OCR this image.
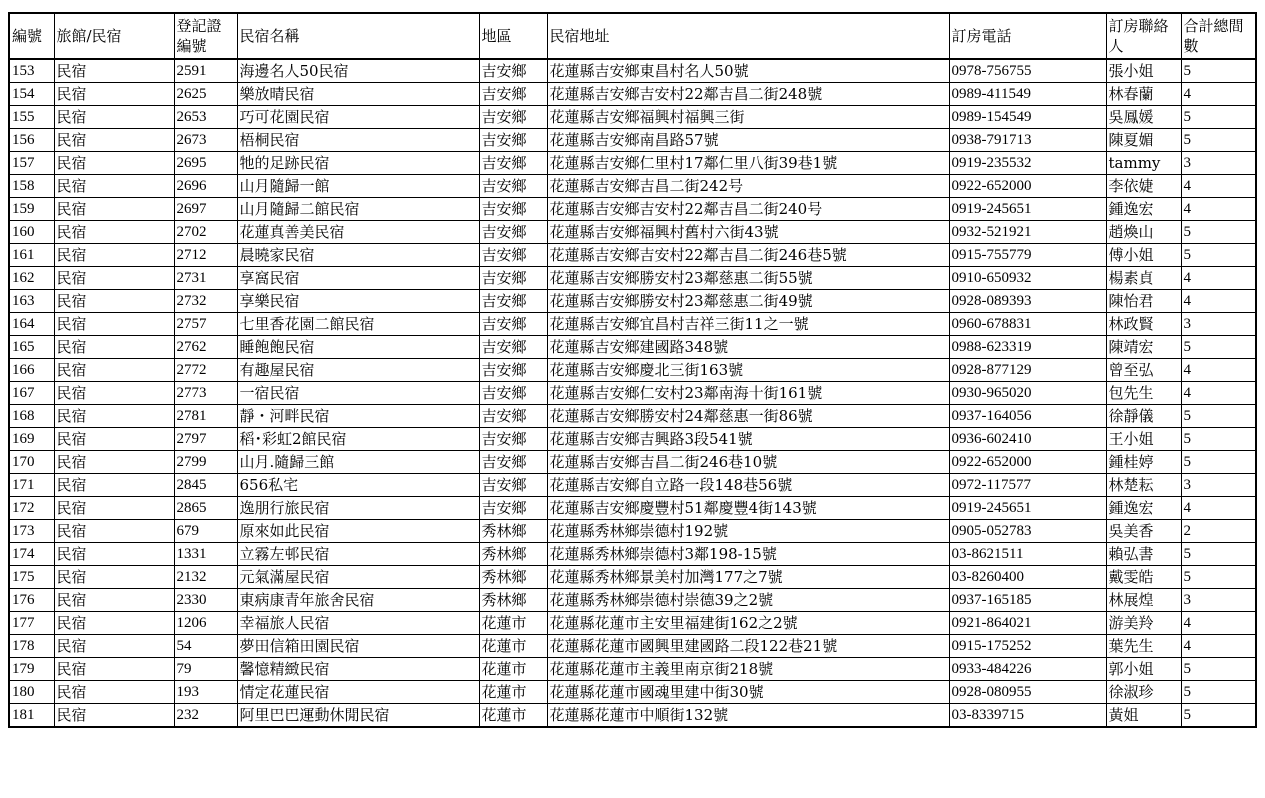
編號	旅館/民宿	登記證編號	民宿名稱	地區	民宿地址	訂房電話	訂房聯絡人	合計總間數
153	民宿	2591	海邊名人50民宿	吉安鄉	花蓮縣吉安鄉東昌村名人50號	0978-756755	張小姐	5
154	民宿	2625	樂放晴民宿	吉安鄉	花蓮縣吉安鄉吉安村22鄰吉昌二街248號	0989-411549	林春蘭	4
155	民宿	2653	巧可花園民宿	吉安鄉	花蓮縣吉安鄉福興村福興三街	0989-154549	吳鳳媛	5
156	民宿	2673	梧桐民宿	吉安鄉	花蓮縣吉安鄉南昌路57號	0938-791713	陳夏媚	5
157	民宿	2695	牠的足跡民宿	吉安鄉	花蓮縣吉安鄉仁里村17鄰仁里八街39巷1號	0919-235532	tammy	3
158	民宿	2696	山月隨歸一館	吉安鄉	花蓮縣吉安鄉吉昌二街242号	0922-652000	李依婕	4
159	民宿	2697	山月隨歸二館民宿	吉安鄉	花蓮縣吉安鄉吉安村22鄰吉昌二街240号	0919-245651	鍾逸宏	4
160	民宿	2702	花蓮真善美民宿	吉安鄉	花蓮縣吉安鄉福興村舊村六街43號	0932-521921	趙煥山	5
161	民宿	2712	晨曉家民宿	吉安鄉	花蓮縣吉安鄉吉安村22鄰吉昌二街246巷5號	0915-755779	傅小姐	5
162	民宿	2731	享窩民宿	吉安鄉	花蓮縣吉安鄉勝安村23鄰慈惠二街55號	0910-650932	楊素貞	4
163	民宿	2732	享樂民宿	吉安鄉	花蓮縣吉安鄉勝安村23鄰慈惠二街49號	0928-089393	陳怡君	4
164	民宿	2757	七里香花園二館民宿	吉安鄉	花蓮縣吉安鄉宜昌村吉祥三街11之一號	0960-678831	林政賢	3
165	民宿	2762	睡飽飽民宿	吉安鄉	花蓮縣吉安鄉建國路348號	0988-623319	陳靖宏	5
166	民宿	2772	有趣屋民宿	吉安鄉	花蓮縣吉安鄉慶北三街163號	0928-877129	曾至弘	4
167	民宿	2773	一宿民宿	吉安鄉	花蓮縣吉安鄉仁安村23鄰南海十街161號	0930-965020	包先生	4
168	民宿	2781	靜・河畔民宿	吉安鄉	花蓮縣吉安鄉勝安村24鄰慈惠一街86號	0937-164056	徐靜儀	5
169	民宿	2797	稻･彩虹2館民宿	吉安鄉	花蓮縣吉安鄉吉興路3段541號	0936-602410	王小姐	5
170	民宿	2799	山月.隨歸三館	吉安鄉	花蓮縣吉安鄉吉昌二街246巷10號	0922-652000	鍾桂婷	5
171	民宿	2845	656私宅	吉安鄉	花蓮縣吉安鄉自立路一段148巷56號	0972-117577	林楚耘	3
172	民宿	2865	逸朋行旅民宿	吉安鄉	花蓮縣吉安鄉慶豐村51鄰慶豐4街143號	0919-245651	鍾逸宏	4
173	民宿	679	原來如此民宿	秀林鄉	花蓮縣秀林鄉崇德村192號	0905-052783	吳美香	2
174	民宿	1331	立霧左邨民宿	秀林鄉	花蓮縣秀林鄉崇德村3鄰198-15號	03-8621511	賴弘書	5
175	民宿	2132	元氣滿屋民宿	秀林鄉	花蓮縣秀林鄉景美村加灣177之7號	03-8260400	戴雯皓	5
176	民宿	2330	東病康青年旅舍民宿	秀林鄉	花蓮縣秀林鄉崇德村崇德39之2號	0937-165185	林展煌	3
177	民宿	1206	幸福旅人民宿	花蓮市	花蓮縣花蓮市主安里福建街162之2號	0921-864021	游美羚	4
178	民宿	54	夢田信箱田園民宿	花蓮市	花蓮縣花蓮市國興里建國路二段122巷21號	0915-175252	葉先生	4
179	民宿	79	馨憶精緻民宿	花蓮市	花蓮縣花蓮市主義里南京街218號	0933-484226	郭小姐	5
180	民宿	193	情定花蓮民宿	花蓮市	花蓮縣花蓮市國魂里建中街30號	0928-080955	徐淑珍	5
181	民宿	232	阿里巴巴運動休閒民宿	花蓮市	花蓮縣花蓮市中順街132號	03-8339715	黃姐	5
